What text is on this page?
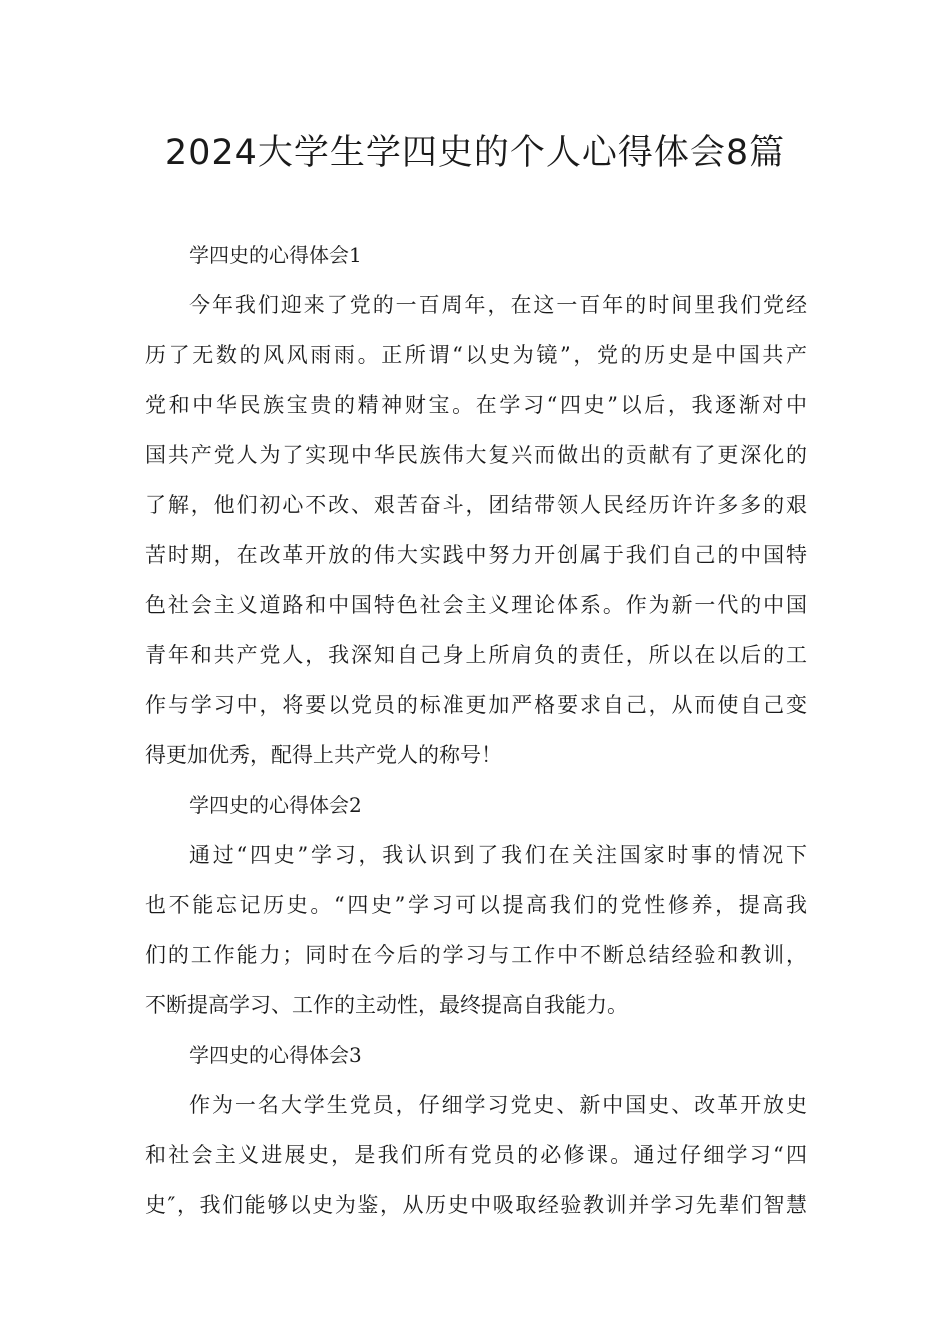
2024大学生学四史的个人心得体会8篇
学四史的心得体会1

今年我们迎来了党的一百周年，在这一百年的时间里我们党经

历了无数的风风雨雨。正所谓“以史为镜”，党的历史是中国共产

党和中华民族宝贵的精神财宝。在学习“四史”以后，我逐渐对中

国共产党人为了实现中华民族伟大复兴而做出的贡献有了更深化的

了解，他们初心不改、艰苦奋斗，团结带领人民经历许许多多的艰

苦时期，在改革开放的伟大实践中努力开创属于我们自己的中国特

色社会主义道路和中国特色社会主义理论体系。作为新一代的中国

青年和共产党人，我深知自己身上所肩负的责任，所以在以后的工

作与学习中，将要以党员的标准更加严格要求自己，从而使自己变

得更加优秀，配得上共产党人的称号！

学四史的心得体会2

通过“四史”学习，我认识到了我们在关注国家时事的情况下

也不能忘记历史。“四史”学习可以提高我们的党性修养，提高我

们的工作能力；同时在今后的学习与工作中不断总结经验和教训，

不断提高学习、工作的主动性，最终提高自我能力。

学四史的心得体会3

作为一名大学生党员，仔细学习党史、新中国史、改革开放史

和社会主义进展史，是我们所有党员的必修课。通过仔细学习“四

史″，我们能够以史为鉴，从历史中吸取经验教训并学习先辈们智慧
